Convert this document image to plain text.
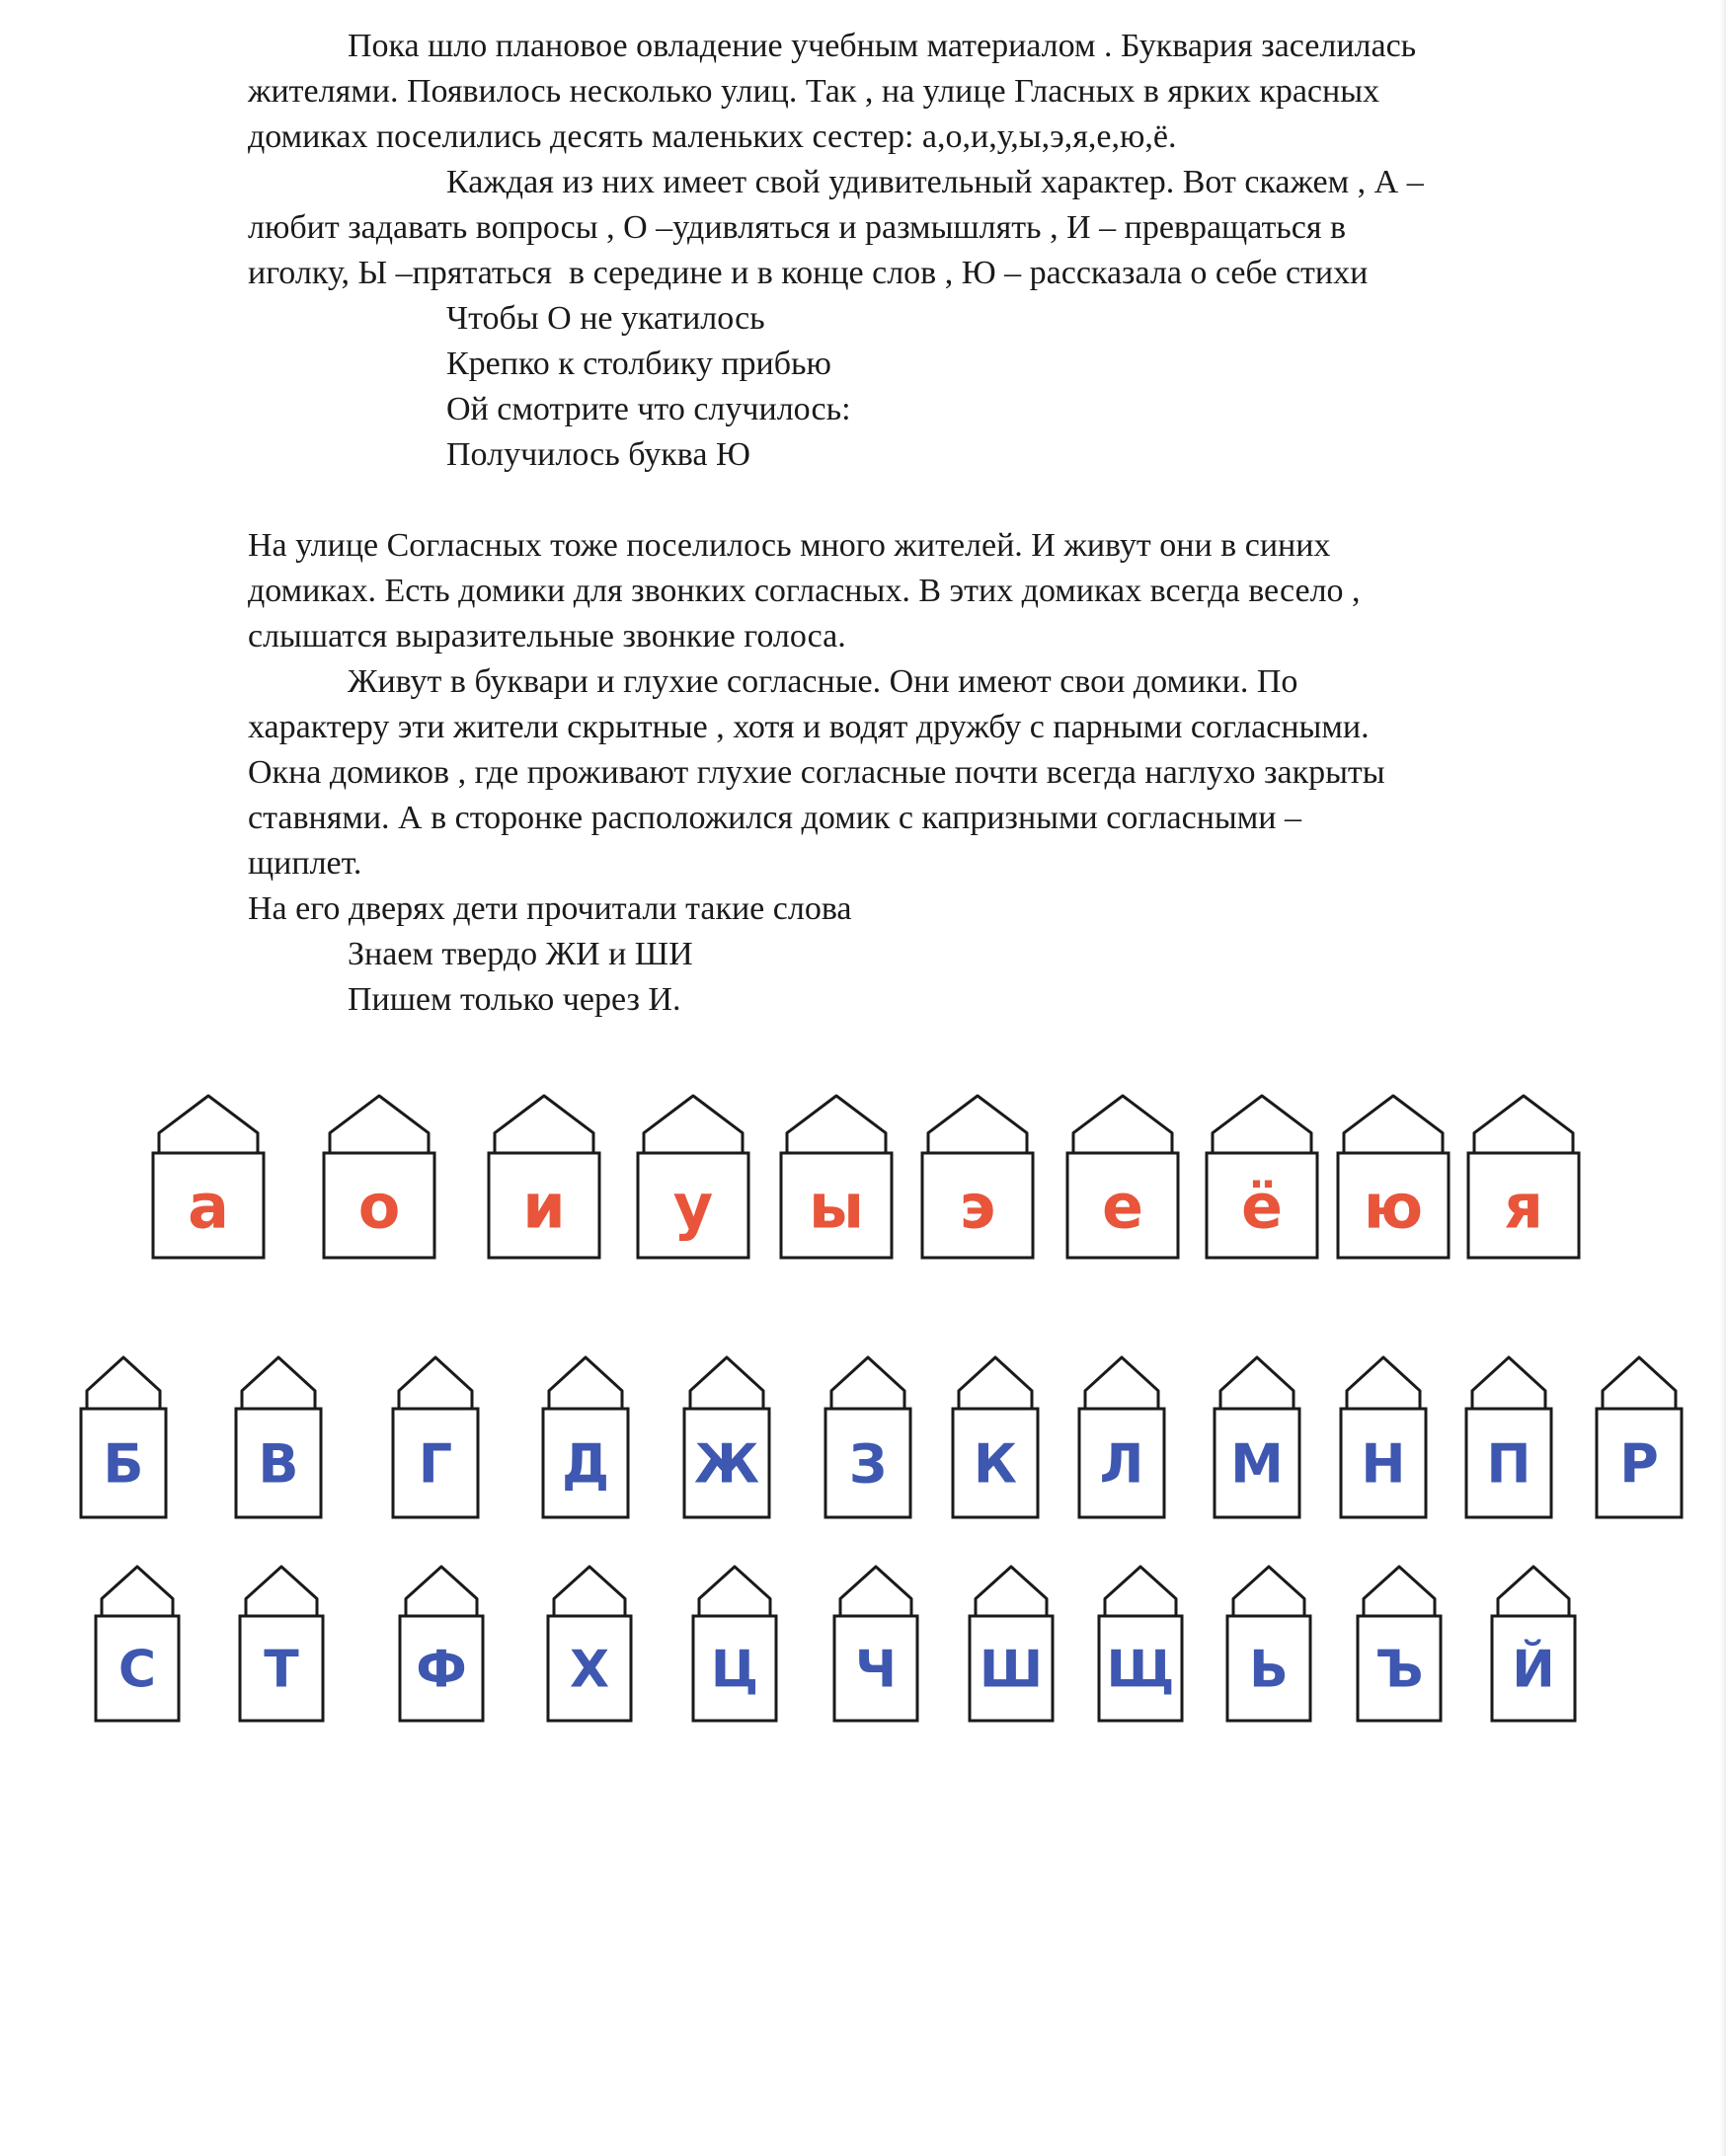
Пока шло плановое овладение учебным материалом . Буквария заселилась

жителями. Появилось несколько улиц. Так , на улице Гласных в ярких красных

домиках поселились десять маленьких сестер: а,о,и,у,ы,э,я,е,ю,ё.

Каждая из них имеет свой удивительный характер. Вот скажем , А –

любит задавать вопросы , О –удивляться и размышлять , И – превращаться в

иголку, Ы –прятаться  в середине и в конце слов , Ю – рассказала о себе стихи

Чтобы О не укатилось

Крепко к столбику прибью

Ой смотрите что случилось:

Получилось буква Ю

На улице Согласных тоже поселилось много жителей. И живут они в синих

домиках. Есть домики для звонких согласных. В этих домиках всегда весело ,

слышатся выразительные звонкие голоса.

Живут в буквари и глухие согласные. Они имеют свои домики. По

характеру эти жители скрытные , хотя и водят дружбу с парными согласными.

Окна домиков , где проживают глухие согласные почти всегда наглухо закрыты

ставнями. А в сторонке расположился домик с капризными согласными –

щиплет.

На его дверях дети прочитали такие слова

Знаем твердо ЖИ и ШИ

Пишем только через И.

а о и у ы э е ё ю я
Б В Г Д Ж З К Л М Н П Р
С Т Ф Х Ц Ч Ш Щ Ь Ъ Й
